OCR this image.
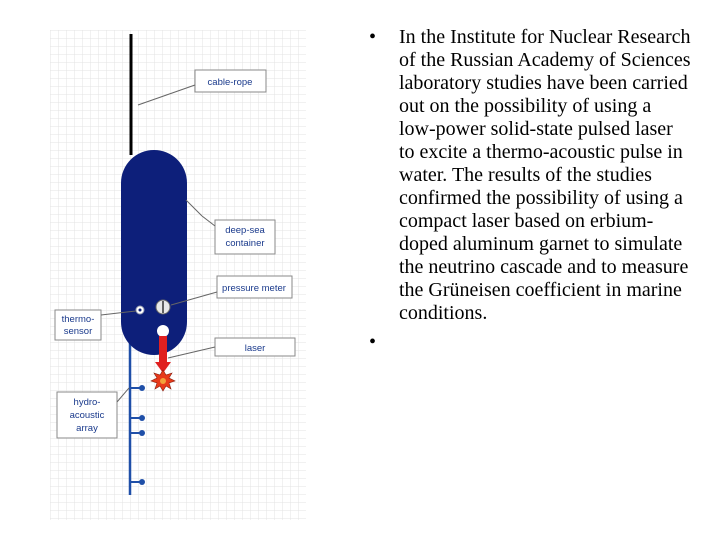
cable-rope
deep-sea
container
pressure meter
thermo-
sensor
laser
hydro-
acoustic
array
• In the Institute for Nuclear Research of the Russian Academy of Sciences laboratory studies have been carried out on the possibility of using a low-power solid-state pulsed laser to excite a thermo-acoustic pulse in water. The results of the studies confirmed the possibility of using a compact laser based on erbium-doped aluminum garnet to simulate the neutrino cascade and to measure the Grüneisen coefficient in marine conditions.
•
